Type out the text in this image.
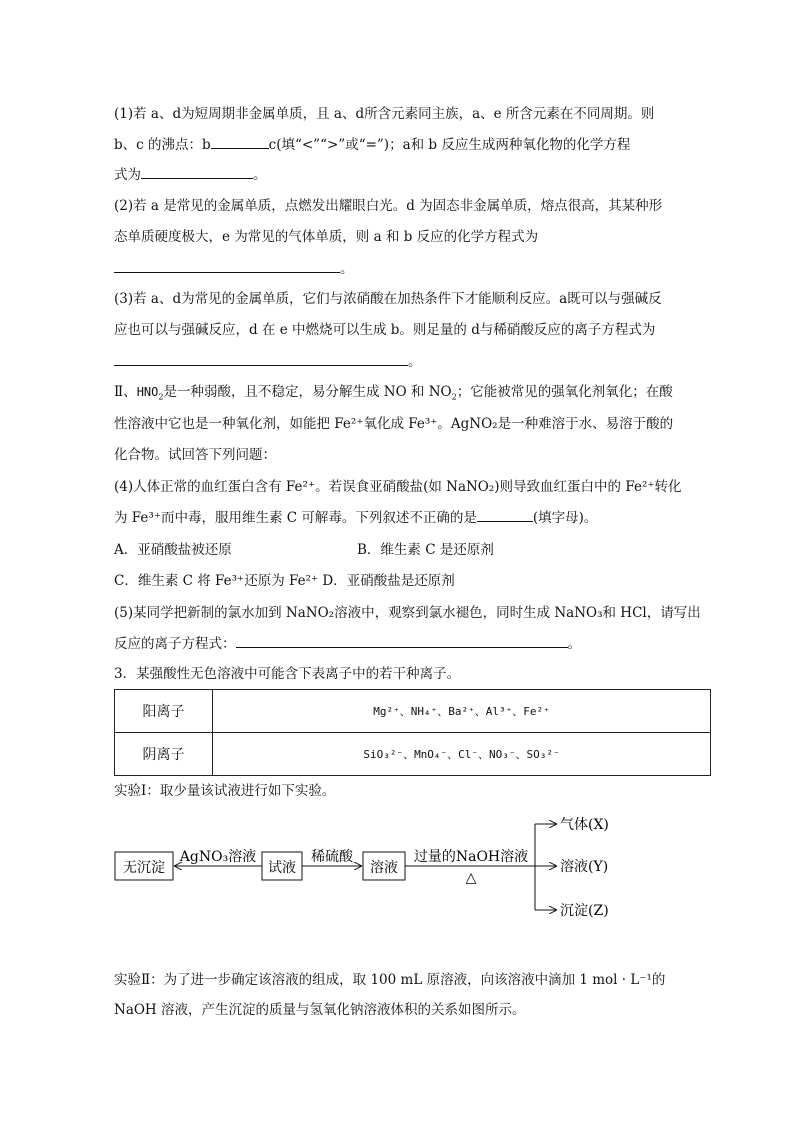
(1)若 a、d为短周期非金属单质，且 a、d所含元素同主族，a、e 所含元素在不同周期。则
b、c 的沸点：b	c(填“<”“>”或“=”)；a和 b 反应生成两种氧化物的化学方程
式为	。
(2)若 a 是常见的金属单质，点燃发出耀眼白光。d 为固态非金属单质，熔点很高，其某种形
态单质硬度极大，e 为常见的气体单质，则 a 和 b 反应的化学方程式为
。
(3)若 a、d为常见的金属单质，它们与浓硝酸在加热条件下才能顺利反应。a既可以与强碱反
应也可以与强碱反应，d 在 e 中燃烧可以生成 b。则足量的 d与稀硝酸反应的离子方程式为
。
Ⅱ、$HNO_2$是一种弱酸，且不稳定，易分解生成 NO 和 $NO_2$；它能被常见的强氧化剂氧化；在酸
性溶液中它也是一种氧化剂，如能把 Fe²⁺氧化成 Fe³⁺。AgNO₂是一种难溶于水、易溶于酸的
化合物。试回答下列问题：
(4)人体正常的血红蛋白含有 Fe²⁺。若误食亚硝酸盐(如 NaNO₂)则导致血红蛋白中的 Fe²⁺转化
为 Fe³⁺而中毒，服用维生素 C 可解毒。下列叙述不正确的是	(填字母)。
A．亚硝酸盐被还原	B．维生素 C 是还原剂
C．维生素 C 将 Fe³⁺还原为 Fe²⁺ D．亚硝酸盐是还原剂
(5)某同学把新制的氯水加到 NaNO₂溶液中，观察到氯水褪色，同时生成 NaNO₃和 HCl，请写出
反应的离子方程式：	。
3．某强酸性无色溶液中可能含下表离子中的若干种离子。
阳离子	Mg²⁺、NH₄⁺、Ba²⁺、Al³⁺、Fe²⁺
阴离子	SiO₃²⁻、MnO₄⁻、Cl⁻、NO₃⁻、SO₃²⁻
实验Ⅰ：取少量该试液进行如下实验。
无沉淀	试液	溶液
AgNO₃溶液	稀硫酸	过量的NaOH溶液
△
气体(X)
溶液(Y)
沉淀(Z)
实验Ⅱ：为了进一步确定该溶液的组成，取 100 mL 原溶液，向该溶液中滴加 1 mol · L⁻¹的
NaOH 溶液，产生沉淀的质量与氢氧化钠溶液体积的关系如图所示。
